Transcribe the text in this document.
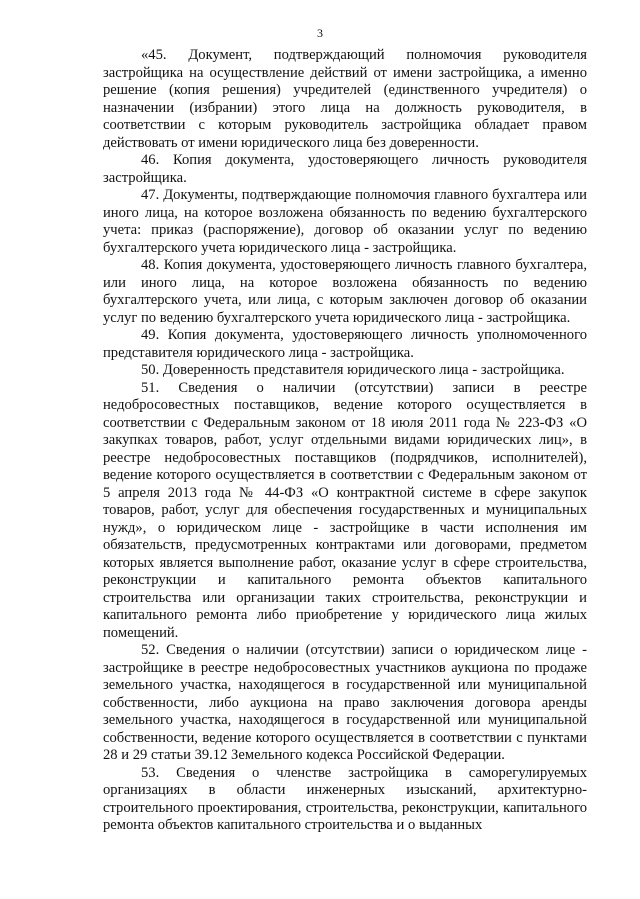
3

«45. Документ, подтверждающий полномочия руководителя застройщика на осуществление действий от имени застройщика, а именно решение (копия решения) учредителей (единственного учредителя) о назначении (избрании) этого лица на должность руководителя, в соответствии с которым руководитель застройщика обладает правом действовать от имени юридического лица без доверенности.

46. Копия документа, удостоверяющего личность руководителя застройщика.

47. Документы, подтверждающие полномочия главного бухгалтера или иного лица, на которое возложена обязанность по ведению бухгалтерского учета: приказ (распоряжение), договор об оказании услуг по ведению бухгалтерского учета юридического лица - застройщика.

48. Копия документа, удостоверяющего личность главного бухгалтера, или иного лица, на которое возложена обязанность по ведению бухгалтерского учета, или лица, с которым заключен договор об оказании услуг по ведению бухгалтерского учета юридического лица - застройщика.

49. Копия документа, удостоверяющего личность уполномоченного представителя юридического лица - застройщика.

50. Доверенность представителя юридического лица - застройщика.

51. Сведения о наличии (отсутствии) записи в реестре недобросовестных поставщиков, ведение которого осуществляется в соответствии с Федеральным законом от 18 июля 2011 года № 223-ФЗ «О закупках товаров, работ, услуг отдельными видами юридических лиц», в реестре недобросовестных поставщиков (подрядчиков, исполнителей), ведение которого осуществляется в соответствии с Федеральным законом от 5 апреля 2013 года № 44-ФЗ «О контрактной системе в сфере закупок товаров, работ, услуг для обеспечения государственных и муниципальных нужд», о юридическом лице - застройщике в части исполнения им обязательств, предусмотренных контрактами или договорами, предметом которых является выполнение работ, оказание услуг в сфере строительства, реконструкции и капитального ремонта объектов капитального строительства или организации таких строительства, реконструкции и капитального ремонта либо приобретение у юридического лица жилых помещений.

52. Сведения о наличии (отсутствии) записи о юридическом лице - застройщике в реестре недобросовестных участников аукциона по продаже земельного участка, находящегося в государственной или муниципальной собственности, либо аукциона на право заключения договора аренды земельного участка, находящегося в государственной или муниципальной собственности, ведение которого осуществляется в соответствии с пунктами 28 и 29 статьи 39.12 Земельного кодекса Российской Федерации.

53. Сведения о членстве застройщика в саморегулируемых организациях в области инженерных изысканий, архитектурно-строительного проектирования, строительства, реконструкции, капитального ремонта объектов капитального строительства и о выданных
